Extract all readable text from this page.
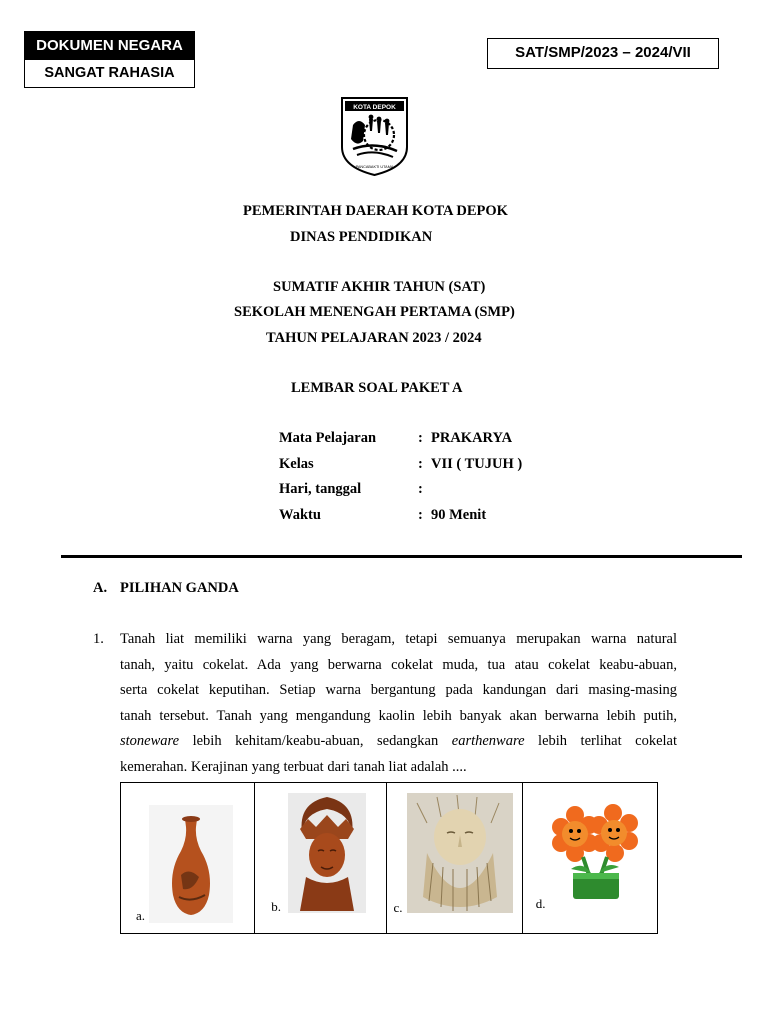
DOKUMEN NEGARA
SANGAT RAHASIA
SAT/SMP/2023 – 2024/VII
KOTA DEPOK
PANCABAKTI UTAMA
PEMERINTAH DAERAH KOTA DEPOK
DINAS PENDIDIKAN
SUMATIF AKHIR TAHUN (SAT)
SEKOLAH MENENGAH PERTAMA (SMP)
TAHUN PELAJARAN 2023 / 2024
LEMBAR SOAL PAKET A
Mata Pelajaran	: PRAKARYA
Kelas	: VII ( TUJUH )
Hari, tanggal	:
Waktu	: 90 Menit
A. PILIHAN GANDA
1. Tanah liat memiliki warna yang beragam, tetapi semuanya merupakan warna natural
tanah, yaitu cokelat. Ada yang berwarna cokelat muda, tua atau cokelat keabu-abuan,
serta cokelat keputihan. Setiap warna bergantung pada kandungan dari masing-masing
tanah tersebut. Tanah yang mengandung kaolin lebih banyak akan berwarna lebih putih,
stoneware lebih kehitam/keabu-abuan, sedangkan earthenware lebih terlihat cokelat
kemerahan. Kerajinan yang terbuat dari tanah liat adalah ....
a.

b.	c.	d.
